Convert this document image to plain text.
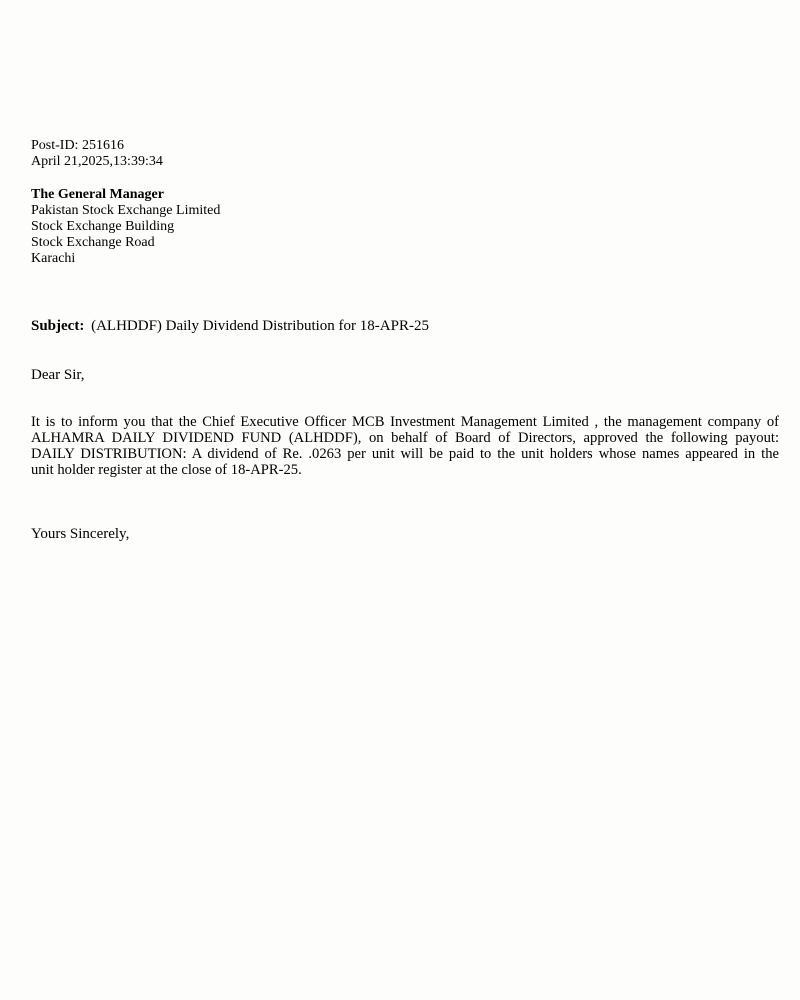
Post-ID: 251616
April 21,2025,13:39:34
The General Manager
Pakistan Stock Exchange Limited
Stock Exchange Building
Stock Exchange Road
Karachi
Subject: (ALHDDF) Daily Dividend Distribution for 18-APR-25
Dear Sir,
It is to inform you that the Chief Executive Officer MCB Investment Management Limited , the management company of
ALHAMRA DAILY DIVIDEND FUND (ALHDDF), on behalf of Board of Directors, approved the following payout:
DAILY DISTRIBUTION: A dividend of Re. .0263 per unit will be paid to the unit holders whose names appeared in the
unit holder register at the close of 18-APR-25.
Yours Sincerely,
